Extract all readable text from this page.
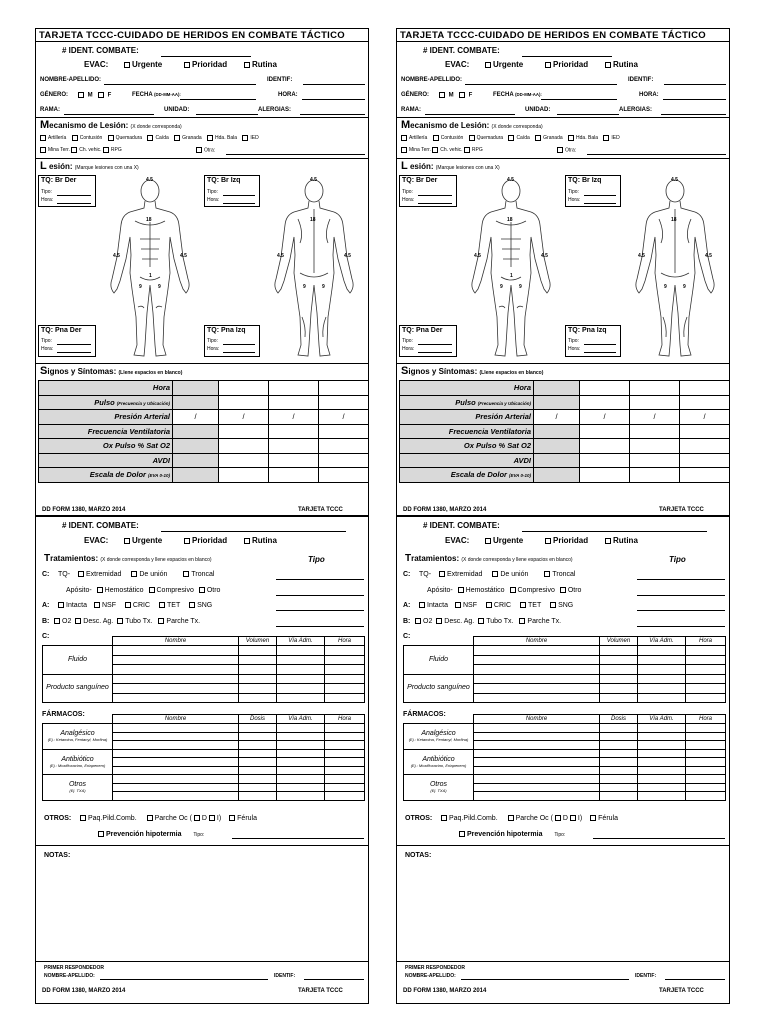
TARJETA TCCC-CUIDADO DE HERIDOS EN COMBATE TÁCTICO
# IDENT. COMBATE:
EVAC:	Urgente	Prioridad	Rutina
NOMBRE-APELLIDO:	IDENTIF:
GÉNERO:	M	F	FECHA (DD-MM-AA):	HORA:
RAMA:	UNIDAD:	ALERGIAS:
Mecanismo de Lesión: (X donde corresponda)
Artillería	Contusión	Quemadura	Caída	Granada	Hda. Bala	IED
Mina Terr. Ch. vehic. RPG	Otra:
L esión: (Marque lesiones con una X)
TQ: Br Der
Tipo:
Hora:
TQ: Br Izq
Tipo:
Hora:
TQ: Pna Der
Tipo:
Hora:
TQ: Pna Izq
Tipo:
Hora:
4.5
18
4.5	4.5
1
9	9
4.5
18
4.5	4.5
9	9
Signos y Síntomas: (Llene espacios en blanco)
Hora				
Pulso (Frecuencia y Ubicación)				
Presión Arterial	/	/	/	/
Frecuencia Ventilatoria				
Ox Pulso % Sat O2				
AVDI				
Escala de Dolor (EVA 0-10)				
DD FORM 1380, MARZO 2014	TARJETA TCCC
TARJETA TCCC-CUIDADO DE HERIDOS EN COMBATE TÁCTICO
# IDENT. COMBATE:
EVAC:	Urgente	Prioridad	Rutina
NOMBRE-APELLIDO:	IDENTIF:
GÉNERO:	M	F	FECHA (DD-MM-AA):	HORA:
RAMA:	UNIDAD:	ALERGIAS:
Mecanismo de Lesión: (X donde corresponda)
Artillería	Contusión	Quemadura	Caída	Granada	Hda. Bala	IED
Mina Terr. Ch. vehic. RPG	Otra:
L esión: (Marque lesiones con una X)
TQ: Br Der
Tipo:
Hora:
TQ: Br Izq
Tipo:
Hora:
TQ: Pna Der
Tipo:
Hora:
TQ: Pna Izq
Tipo:
Hora:
4.5
18
4.5	4.5
1
9	9
4.5
18
4.5	4.5
9	9
Signos y Síntomas: (Llene espacios en blanco)
Hora				
Pulso (Frecuencia y Ubicación)				
Presión Arterial	/	/	/	/
Frecuencia Ventilatoria				
Ox Pulso % Sat O2				
AVDI				
Escala de Dolor (EVA 0-10)				
DD FORM 1380, MARZO 2014	TARJETA TCCC
# IDENT. COMBATE:
EVAC:	Urgente	Prioridad	Rutina
Tratamientos: (X donde corresponda y llene espacios en blanco)	Tipo
C: TQ- Extremidad	De unión	Troncal
Apósito- Hemostático Compresivo Otro
A:	Intacta NSF CRIC TET SNG
B:	O2 Desc. Ag. Tubo Tx. Parche Tx.
C:
	Nombre	Volumen	Vía Adm.	Hora
Fluido				

Producto sanguíneo				

FÁRMACOS:
	Nombre	Dosis	Vía Adm.	Hora
Analgésico
(Ej.: Ketamina, Fentanyl, Morfina)				

Antibiótico
(Ej.: Moxifloxacino, Ertapenem)				

Otros
(Ej. TXA)				

OTROS:	Paq.Pild.Comb.	Parche Oc ( D I) Férula
Prevención hipotermia Tipo:
NOTAS:
PRIMER RESPONDEDOR
NOMBRE-APELLIDO:	IDENTIF:
DD FORM 1380, MARZO 2014	TARJETA TCCC
# IDENT. COMBATE:
EVAC:	Urgente	Prioridad	Rutina
Tratamientos: (X donde corresponda y llene espacios en blanco)	Tipo
C: TQ- Extremidad	De unión	Troncal
Apósito- Hemostático Compresivo Otro
A:	Intacta NSF CRIC TET SNG
B:	O2 Desc. Ag. Tubo Tx. Parche Tx.
C:
	Nombre	Volumen	Vía Adm.	Hora
Fluido				

Producto sanguíneo				

FÁRMACOS:
	Nombre	Dosis	Vía Adm.	Hora
Analgésico
(Ej.: Ketamina, Fentanyl, Morfina)				

Antibiótico
(Ej.: Moxifloxacino, Ertapenem)				

Otros
(Ej. TXA)				

OTROS:	Paq.Pild.Comb.	Parche Oc ( D I) Férula
Prevención hipotermia Tipo:
NOTAS:
PRIMER RESPONDEDOR
NOMBRE-APELLIDO:	IDENTIF:
DD FORM 1380, MARZO 2014	TARJETA TCCC
